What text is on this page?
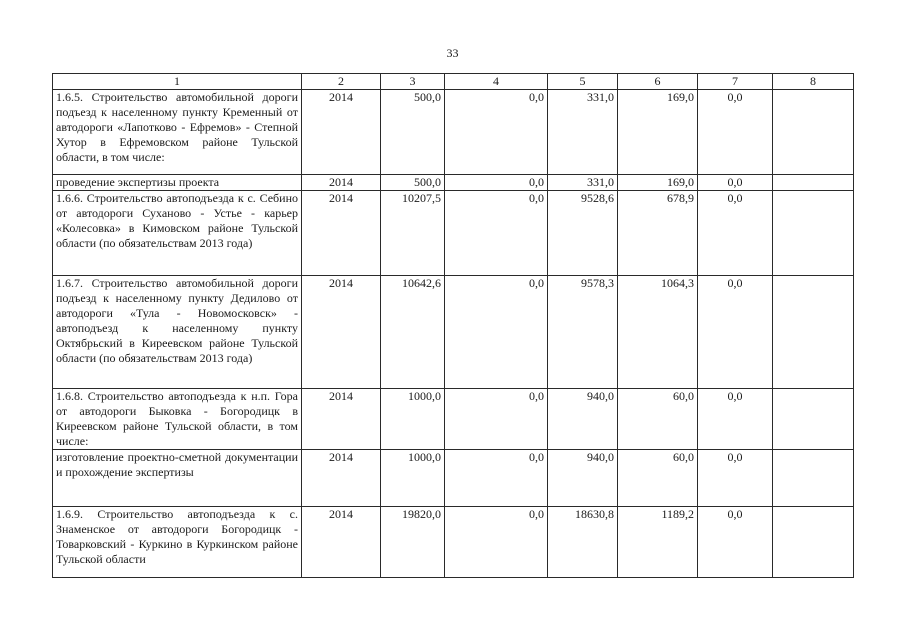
33
1	2	3	4	5	6	7	8
1.6.5. Строительство автомобильной дороги подъезд к населенному пункту Кременный от автодороги «Лапотково - Ефремов» - Степной Хутор в Ефремовском районе Тульской области, в том числе:	2014	500,0	0,0	331,0	169,0	0,0	
проведение экспертизы проекта	2014	500,0	0,0	331,0	169,0	0,0	
1.6.6. Строительство автоподъезда к с. Себино от автодороги Суханово - Устье - карьер «Колесовка» в Кимовском районе Тульской области (по обязательствам 2013 года)	2014	10207,5	0,0	9528,6	678,9	0,0	
1.6.7. Строительство автомобильной дороги подъезд к населенному пункту Дедилово от автодороги «Тула - Новомосковск» - автоподъезд к населенному пункту Октябрьский в Киреевском районе Тульской области (по обязательствам 2013 года)	2014	10642,6	0,0	9578,3	1064,3	0,0	
1.6.8. Строительство автоподъезда к н.п. Гора от автодороги Быковка - Богородицк в Киреевском районе Тульской области, в том числе:	2014	1000,0	0,0	940,0	60,0	0,0	
изготовление проектно-сметной документации и прохождение экспертизы	2014	1000,0	0,0	940,0	60,0	0,0	
1.6.9. Строительство автоподъезда к с. Знаменское от автодороги Богородицк - Товарковский - Куркино в Куркинском районе Тульской области	2014	19820,0	0,0	18630,8	1189,2	0,0	
